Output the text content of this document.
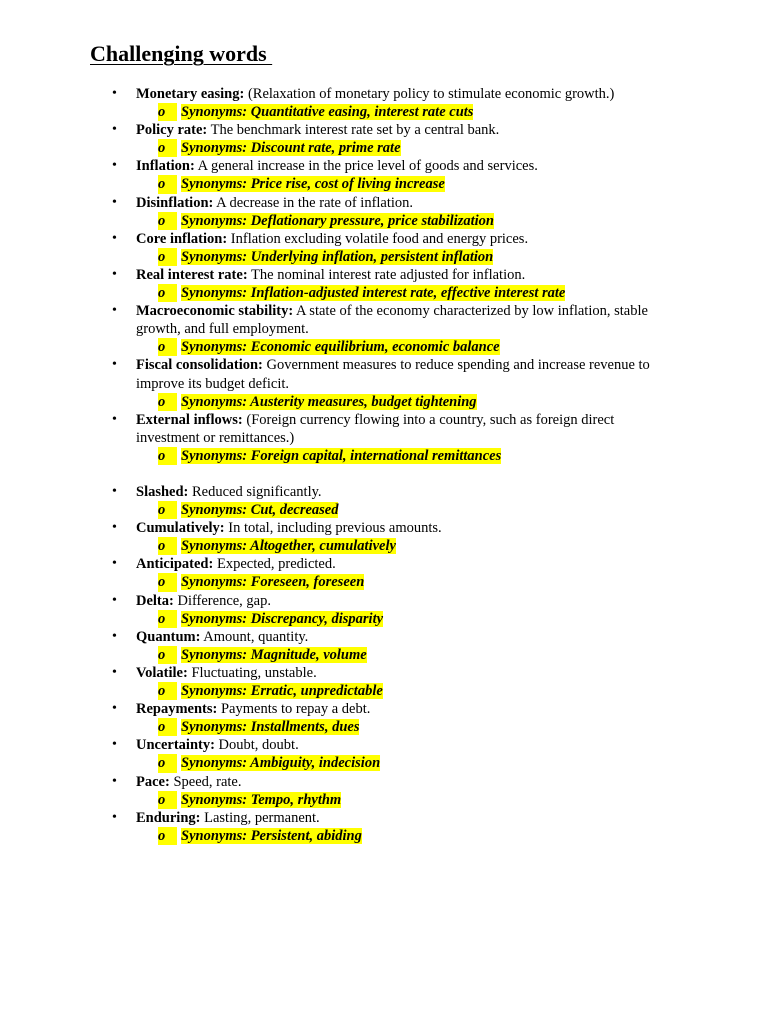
Challenging words
• Monetary easing: (Relaxation of monetary policy to stimulate economic growth.)
o	Synonyms: Quantitative easing, interest rate cuts
• Policy rate: The benchmark interest rate set by a central bank.
o	Synonyms: Discount rate, prime rate
• Inflation: A general increase in the price level of goods and services.
o	Synonyms: Price rise, cost of living increase
• Disinflation: A decrease in the rate of inflation.
o	Synonyms: Deflationary pressure, price stabilization
• Core inflation: Inflation excluding volatile food and energy prices.
o	Synonyms: Underlying inflation, persistent inflation
• Real interest rate: The nominal interest rate adjusted for inflation.
o	Synonyms: Inflation-adjusted interest rate, effective interest rate
• Macroeconomic stability: A state of the economy characterized by low inflation, stable growth, and full employment.
o	Synonyms: Economic equilibrium, economic balance
• Fiscal consolidation: Government measures to reduce spending and increase revenue to improve its budget deficit.
o	Synonyms: Austerity measures, budget tightening
• External inflows: (Foreign currency flowing into a country, such as foreign direct investment or remittances.)
o	Synonyms: Foreign capital, international remittances
• Slashed: Reduced significantly.
o	Synonyms: Cut, decreased
• Cumulatively: In total, including previous amounts.
o	Synonyms: Altogether, cumulatively
• Anticipated: Expected, predicted.
o	Synonyms: Foreseen, foreseen
• Delta: Difference, gap.
o	Synonyms: Discrepancy, disparity
• Quantum: Amount, quantity.
o	Synonyms: Magnitude, volume
• Volatile: Fluctuating, unstable.
o	Synonyms: Erratic, unpredictable
• Repayments: Payments to repay a debt.
o	Synonyms: Installments, dues
• Uncertainty: Doubt, doubt.
o	Synonyms: Ambiguity, indecision
• Pace: Speed, rate.
o	Synonyms: Tempo, rhythm
• Enduring: Lasting, permanent.
o	Synonyms: Persistent, abiding
